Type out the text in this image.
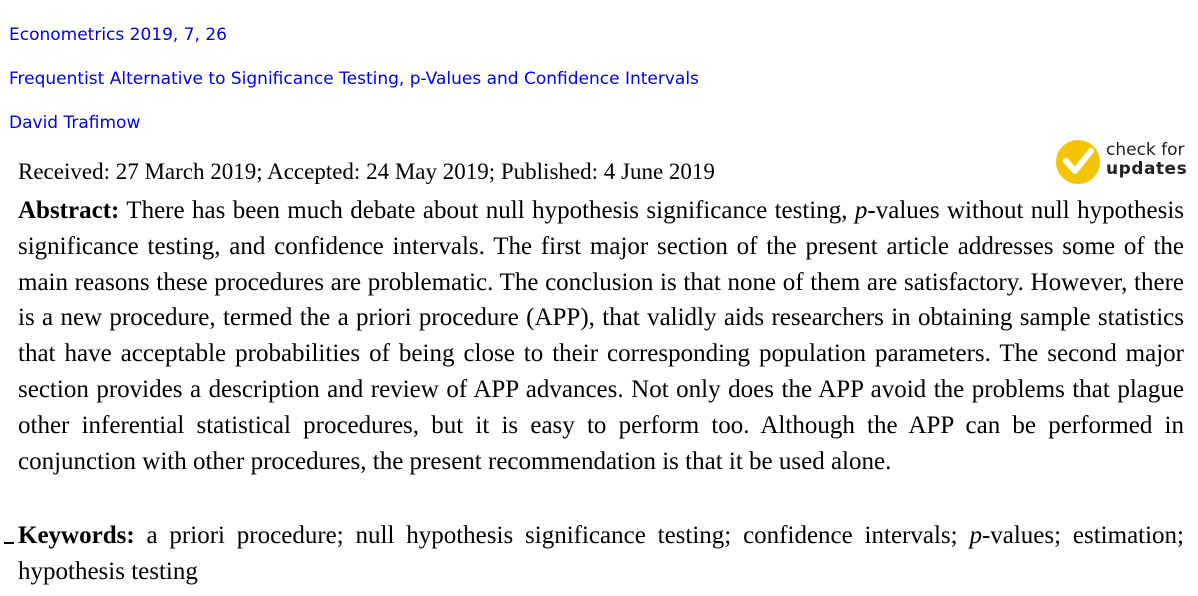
Econometrics 2019, 7, 26
Frequentist Alternative to Significance Testing, p-Values and Confidence Intervals
David Trafimow
Received: 27 March 2019; Accepted: 24 May 2019; Published: 4 June 2019
check for
updates

Abstract: There has been much debate about null hypothesis significance testing, p-values without null hypothesis significance testing, and confidence intervals. The first major section of the present article addresses some of the main reasons these procedures are problematic. The conclusion is that none of them are satisfactory. However, there is a new procedure, termed the a priori procedure (APP), that validly aids researchers in obtaining sample statistics that have acceptable probabilities of being close to their corresponding population parameters. The second major section provides a description and review of APP advances. Not only does the APP avoid the problems that plague other inferential statistical procedures, but it is easy to perform too. Although the APP can be performed in conjunction with other procedures, the present recommendation is that it be used alone.

Keywords: a priori procedure; null hypothesis significance testing; confidence intervals; p-values; estimation; hypothesis testing
